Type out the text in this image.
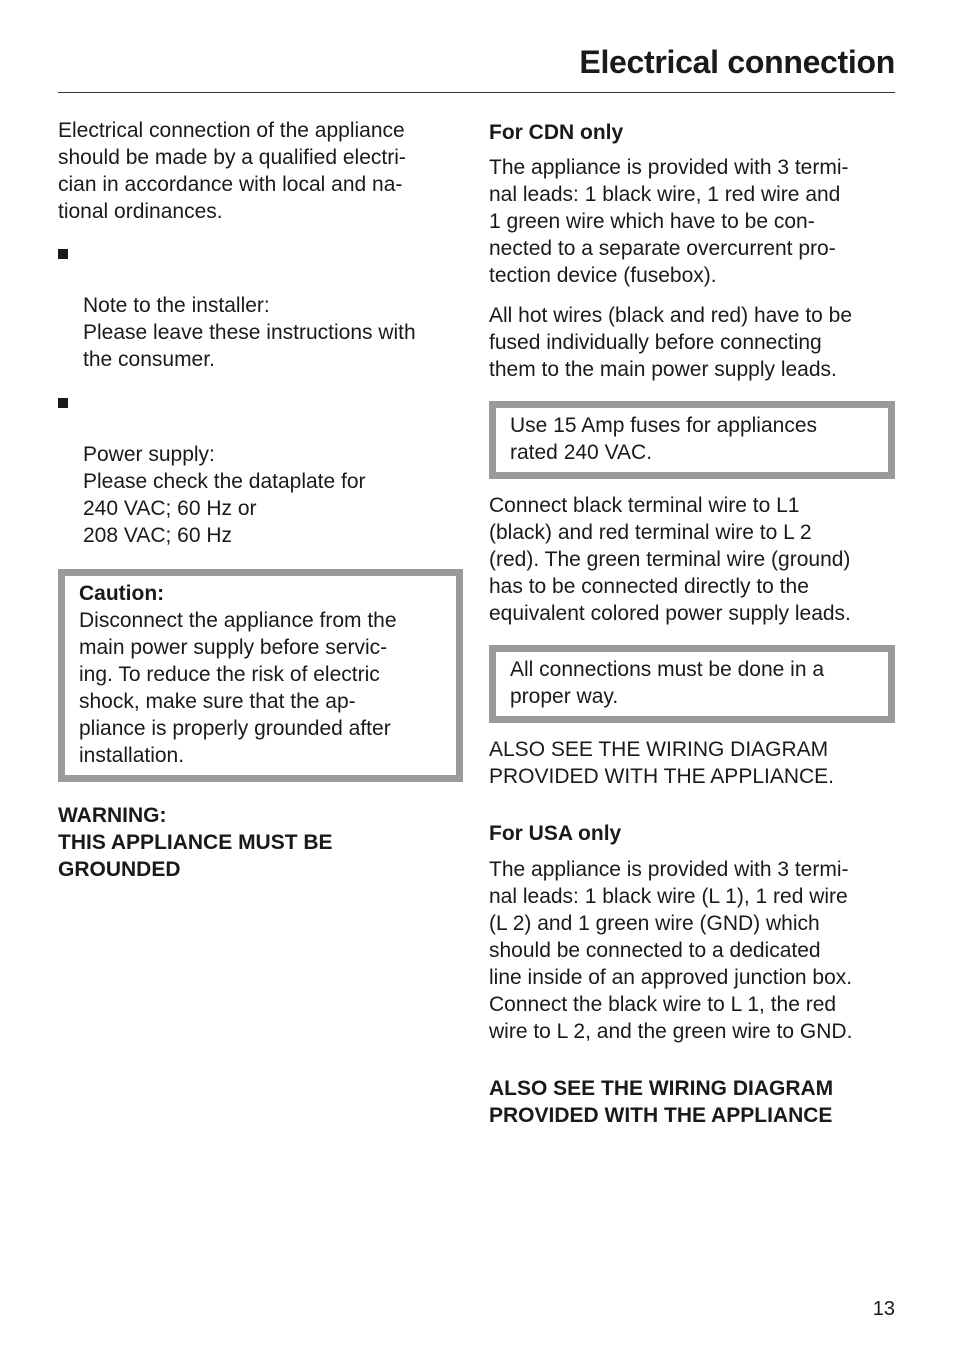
Electrical connection

Electrical connection of the appliance
should be made by a qualified electri-
cian in accordance with local and na-
tional ordinances.

Note to the installer:
Please leave these instructions with
the consumer.

Power supply:
Please check the dataplate for
240 VAC; 60 Hz or
208 VAC; 60 Hz

Caution:

Disconnect the appliance from the
main power supply before servic-
ing. To reduce the risk of electric
shock, make sure that the ap-
pliance is properly grounded after
installation.

WARNING:
THIS APPLIANCE MUST BE
GROUNDED

For CDN only

The appliance is provided with 3 termi-
nal leads: 1 black wire, 1 red wire and
1 green wire which have to be con-
nected to a separate overcurrent pro-
tection device (fusebox).

All hot wires (black and red) have to be
fused individually before connecting
them to the main power supply leads.

Use 15 Amp fuses for appliances
rated 240 VAC.

Connect black terminal wire to L1
(black) and red terminal wire to L 2
(red). The green terminal wire (ground)
has to be connected directly to the
equivalent colored power supply leads.

All connections must be done in a
proper way.

ALSO SEE THE WIRING DIAGRAM
PROVIDED WITH THE APPLIANCE.

For USA only

The appliance is provided with 3 termi-
nal leads: 1 black wire (L 1), 1 red wire
(L 2) and 1 green wire (GND) which
should be connected to a dedicated
line inside of an approved junction box.
Connect the black wire to L 1, the red
wire to L 2, and the green wire to GND.

ALSO SEE THE WIRING DIAGRAM
PROVIDED WITH THE APPLIANCE

13
